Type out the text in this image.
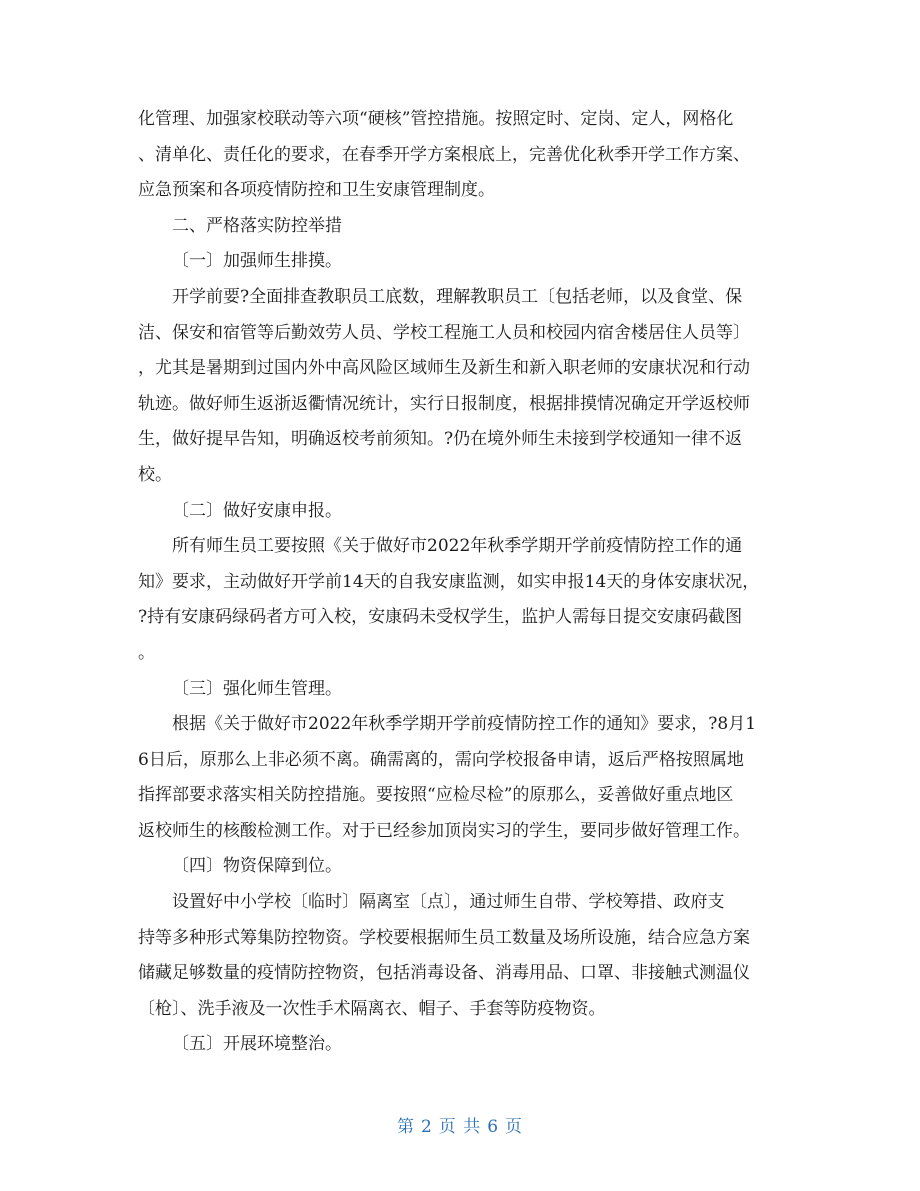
化管理、加强家校联动等六项“硬核”管控措施。按照定时、定岗、定人，网格化
、清单化、责任化的要求，在春季开学方案根底上，完善优化秋季开学工作方案、
应急预案和各项疫情防控和卫生安康管理制度。

二、严格落实防控举措

〔一〕加强师生排摸。

开学前要?全面排查教职员工底数，理解教职员工〔包括老师，以及食堂、保
洁、保安和宿管等后勤效劳人员、学校工程施工人员和校园内宿舍楼居住人员等〕
，尤其是暑期到过国内外中高风险区域师生及新生和新入职老师的安康状况和行动
轨迹。做好师生返浙返衢情况统计，实行日报制度，根据排摸情况确定开学返校师
生，做好提早告知，明确返校考前须知。?仍在境外师生未接到学校通知一律不返
校。

〔二〕做好安康申报。

所有师生员工要按照《关于做好市2022年秋季学期开学前疫情防控工作的通
知》要求，主动做好开学前14天的自我安康监测，如实申报14天的身体安康状况，
?持有安康码绿码者方可入校，安康码未受权学生，监护人需每日提交安康码截图
。

〔三〕强化师生管理。

根据《关于做好市2022年秋季学期开学前疫情防控工作的通知》要求，?8月1
6日后，原那么上非必须不离。确需离的，需向学校报备申请，返后严格按照属地
指挥部要求落实相关防控措施。要按照“应检尽检”的原那么，妥善做好重点地区
返校师生的核酸检测工作。对于已经参加顶岗实习的学生，要同步做好管理工作。

〔四〕物资保障到位。

设置好中小学校〔临时〕隔离室〔点〕，通过师生自带、学校筹措、政府支
持等多种形式筹集防控物资。学校要根据师生员工数量及场所设施，结合应急方案
储藏足够数量的疫情防控物资，包括消毒设备、消毒用品、口罩、非接触式测温仪
〔枪〕、洗手液及一次性手术隔离衣、帽子、手套等防疫物资。

〔五〕开展环境整治。

第 2 页 共 6 页
